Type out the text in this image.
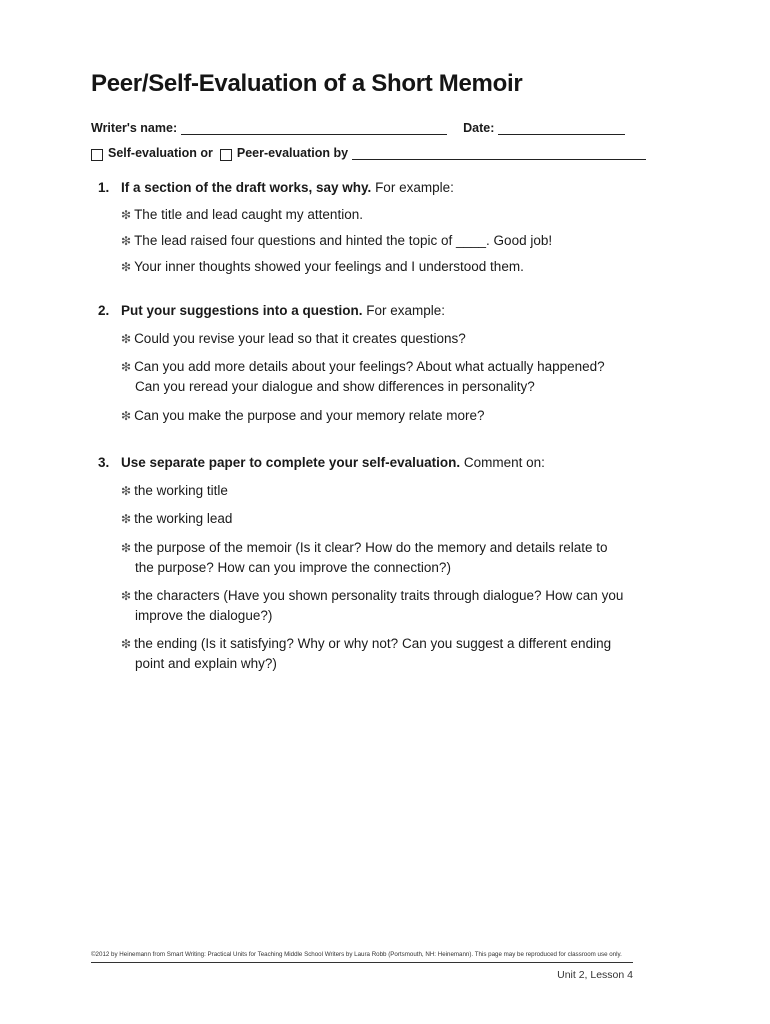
Peer/Self-Evaluation of a Short Memoir
Writer's name:	Date:
Self-evaluation or Peer-evaluation by
1. If a section of the draft works, say why. For example:
❇ The title and lead caught my attention.
❇ The lead raised four questions and hinted the topic of ____. Good job!
❇ Your inner thoughts showed your feelings and I understood them.
2. Put your suggestions into a question. For example:
❇ Could you revise your lead so that it creates questions?
❇ Can you add more details about your feelings? About what actually happened?
Can you reread your dialogue and show differences in personality?
❇ Can you make the purpose and your memory relate more?
3. Use separate paper to complete your self-evaluation. Comment on:
❇ the working title
❇ the working lead
❇ the purpose of the memoir (Is it clear? How do the memory and details relate to
the purpose? How can you improve the connection?)
❇ the characters (Have you shown personality traits through dialogue? How can you
improve the dialogue?)
❇ the ending (Is it satisfying? Why or why not? Can you suggest a different ending
point and explain why?)
©2012 by Heinemann from Smart Writing: Practical Units for Teaching Middle School Writers by Laura Robb (Portsmouth, NH: Heinemann). This page may be reproduced for classroom use only.
Unit 2, Lesson 4
